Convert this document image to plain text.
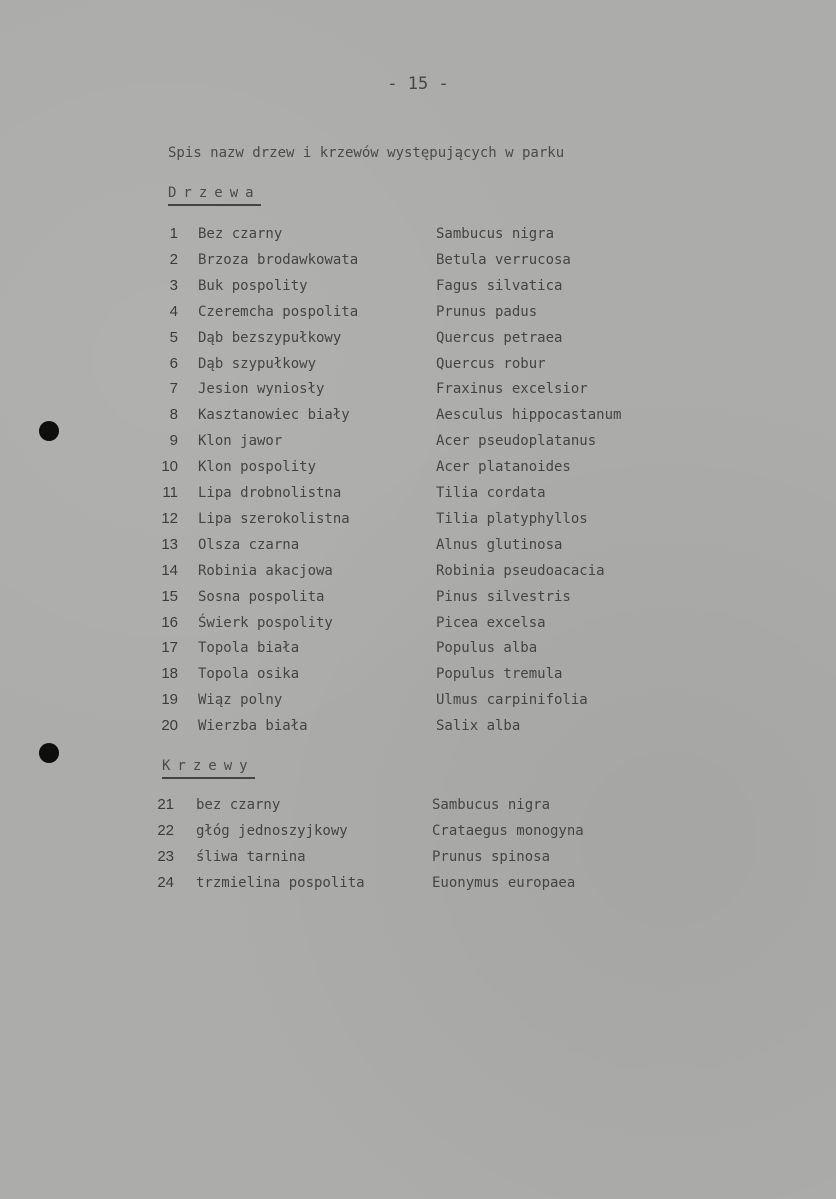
- 15 -
Spis nazw drzew i krzewów występujących w parku
Drzewa
1 Bez czarny	Sambucus nigra
2 Brzoza brodawkowata	Betula verrucosa
3 Buk pospolity	Fagus silvatica
4 Czeremcha pospolita	Prunus padus
5 Dąb bezszypułkowy	Quercus petraea
6 Dąb szypułkowy	Quercus robur
7 Jesion wyniosły	Fraxinus excelsior
8 Kasztanowiec biały	Aesculus hippocastanum
9 Klon jawor	Acer pseudoplatanus
10 Klon pospolity	Acer platanoides
11 Lipa drobnolistna	Tilia cordata
12 Lipa szerokolistna	Tilia platyphyllos
13 Olsza czarna	Alnus glutinosa
14 Robinia akacjowa	Robinia pseudoacacia
15 Sosna pospolita	Pinus silvestris
16 Świerk pospolity	Picea excelsa
17 Topola biała	Populus alba
18 Topola osika	Populus tremula
19 Wiąz polny	Ulmus carpinifolia
20 Wierzba biała	Salix alba
Krzewy
21 bez czarny	Sambucus nigra
22 głóg jednoszyjkowy	Crataegus monogyna
23 śliwa tarnina	Prunus spinosa
24 trzmielina pospolita	Euonymus europaea
